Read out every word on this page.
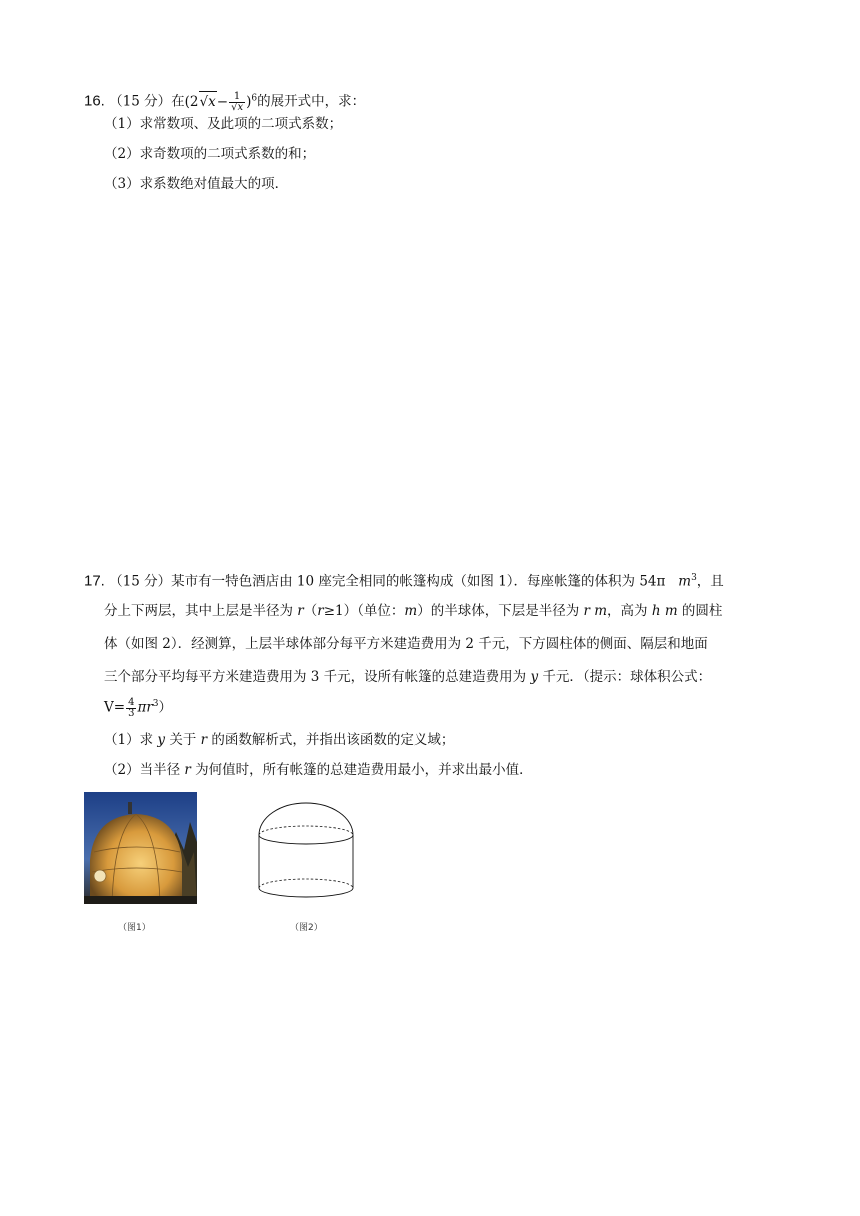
16. （15 分）在$(2√x- \frac{1}{√x} )^6$的展开式中，求：
（1）求常数项、及此项的二项式系数；
（2）求奇数项的二项式系数的和；
（3）求系数绝对值最大的项．
17. （15 分）某市有一特色酒店由 10 座完全相同的帐篷构成（如图 1）．每座帐篷的体积为 54π $m^3$，且
分上下两层，其中上层是半径为 r（r≥1）（单位：m）的半球体，下层是半径为 r m，高为 h m 的圆柱
体（如图 2）．经测算，上层半球体部分每平方米建造费用为 2 千元，下方圆柱体的侧面、隔层和地面
三个部分平均每平方米建造费用为 3 千元，设所有帐篷的总建造费用为 y 千元．（提示：球体积公式：
$V= \frac{4}{3} \pi r^3$）
（1）求 y 关于 r 的函数解析式，并指出该函数的定义域；
（2）当半径 r 为何值时，所有帐篷的总建造费用最小，并求出最小值．
（图1）	（图2）
